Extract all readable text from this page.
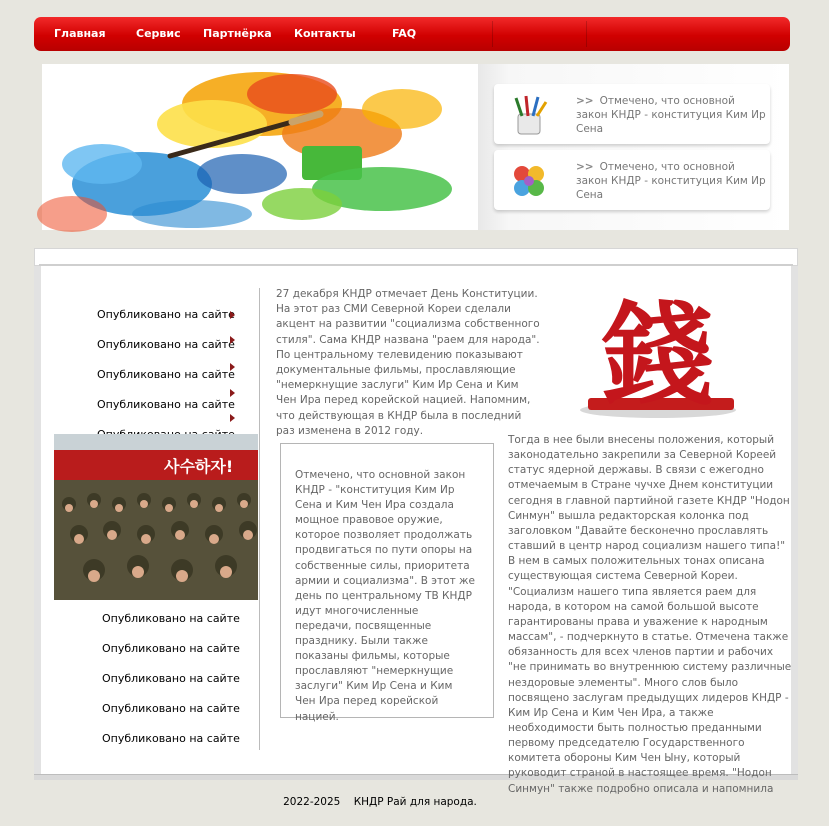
Главная	Сервис Партнёрка Контакты	FAQ
>> Отмечено, что основной закон КНДР - конституция Ким Ир Сена
>> Отмечено, что основной закон КНДР - конституция Ким Ир Сена
Опубликовано на сайте
Опубликовано на сайте
Опубликовано на сайте
Опубликовано на сайте
사수하자!
Опубликовано на сайте
Опубликовано на сайте
Опубликовано на сайте
Опубликовано на сайте
Опубликовано на сайте

27 декабря КНДР отмечает День Конституции. На этот раз СМИ Северной Кореи сделали акцент на развитии "социализма собственного стиля". Сама КНДР названа "раем для народа". По центральному телевидению показывают документальные фильмы, прославляющие "немеркнущие заслуги" Ким Ир Сена и Ким Чен Ира перед корейской нацией. Напомним, что действующая в КНДР была в последний раз изменена в 2012 году.

錢

Отмечено, что основной закон КНДР - "конституция Ким Ир Сена и Ким Чен Ира создала мощное правовое оружие, которое позволяет продолжать продвигаться по пути опоры на собственные силы, приоритета армии и социализма". В этот же день по центральному ТВ КНДР идут многочисленные передачи, посвященные празднику. Были также показаны фильмы, которые прославляют "немеркнущие заслуги" Ким Ир Сена и Ким Чен Ира перед корейской нацией.

Тогда в нее были внесены положения, который законодательно закрепили за Северной Кореей статус ядерной державы. В связи с ежегодно отмечаемым в Стране чучхе Днем конституции сегодня в главной партийной газете КНДР "Нодон Синмун" вышла редакторская колонка под заголовком "Давайте бесконечно прославлять ставший в центр народ социализм нашего типа!" В нем в самых положительных тонах описана существующая система Северной Кореи. "Социализм нашего типа является раем для народа, в котором на самой большой высоте гарантированы права и уважение к народным массам", - подчеркнуто в статье. Отмечена также обязанность для всех членов партии и рабочих "не принимать во внутреннюю систему различные нездоровые элементы". Много слов было посвящено заслугам предыдущих лидеров КНДР - Ким Ир Сена и Ким Чен Ира, а также необходимости быть полностью преданными первому председателю Государственного комитета обороны Ким Чен Ыну, который руководит страной в настоящее время. "Нодон Синмун" также подробно описала и напомнила

2022-2025    КНДР Рай для народа.
